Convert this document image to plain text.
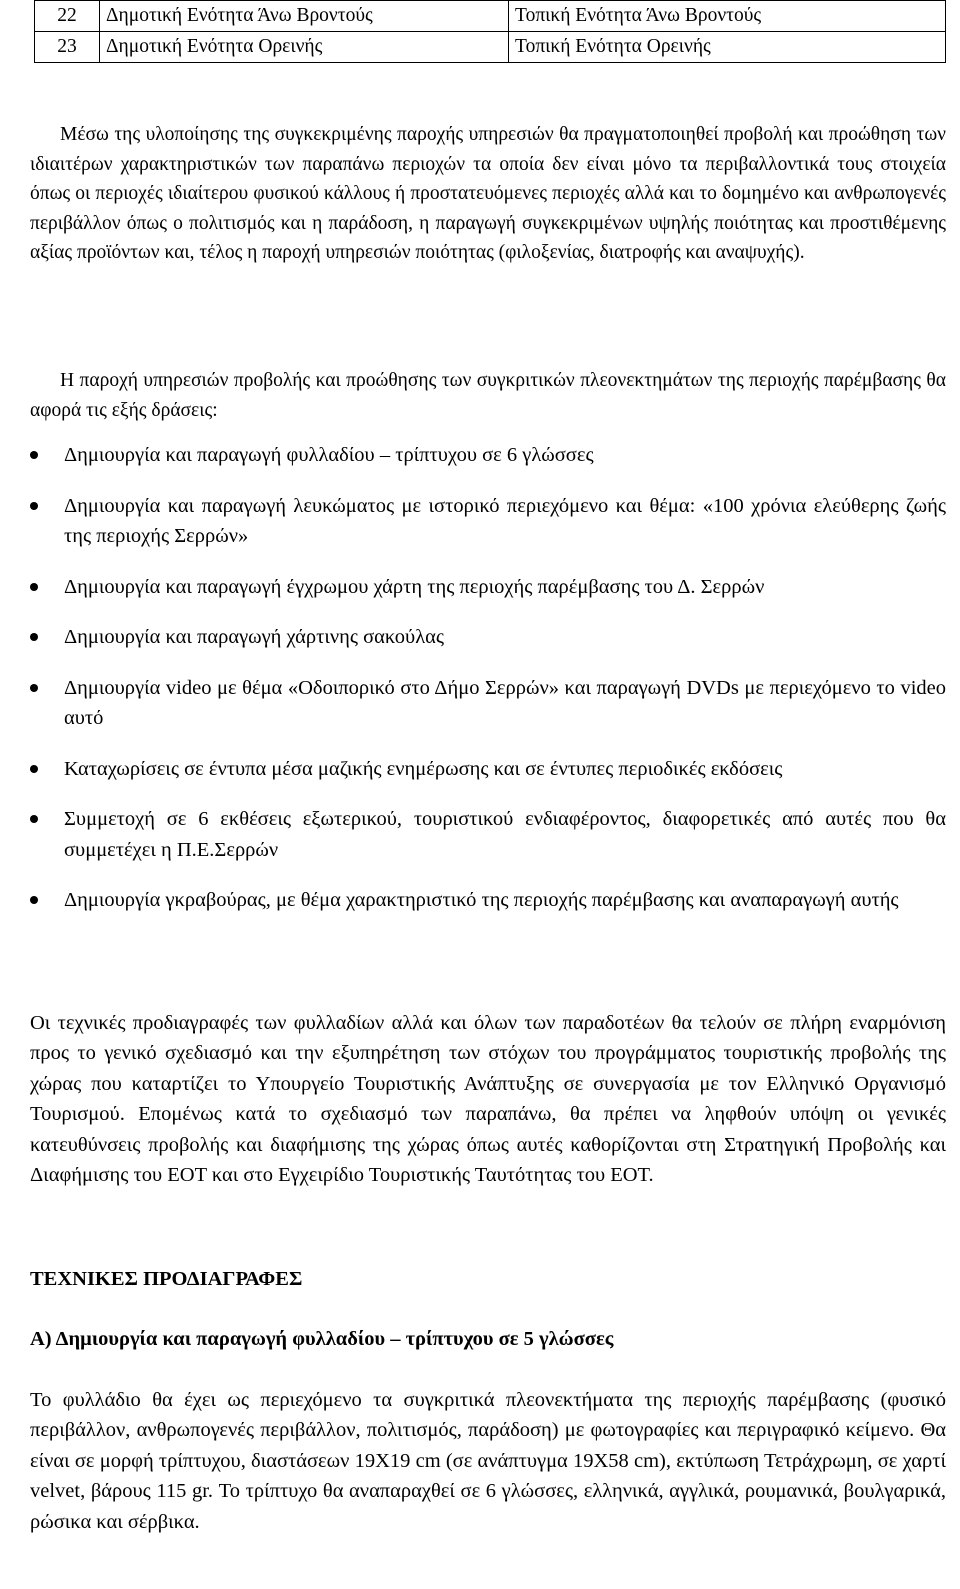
22	Δημοτική Ενότητα Άνω Βροντούς	Τοπική Ενότητα Άνω Βροντούς
23	Δημοτική Ενότητα Ορεινής	Τοπική Ενότητα Ορεινής

Μέσω της υλοποίησης της συγκεκριμένης παροχής υπηρεσιών θα πραγματοποιηθεί προβολή και προώθηση των ιδιαιτέρων χαρακτηριστικών των παραπάνω περιοχών τα οποία δεν είναι μόνο τα περιβαλλοντικά τους στοιχεία όπως οι περιοχές ιδιαίτερου φυσικού κάλλους ή προστατευόμενες περιοχές αλλά και το δομημένο και ανθρωπογενές περιβάλλον όπως ο πολιτισμός και η παράδοση, η παραγωγή συγκεκριμένων υψηλής ποιότητας και προστιθέμενης αξίας προϊόντων και, τέλος η παροχή υπηρεσιών ποιότητας (φιλοξενίας, διατροφής και αναψυχής).

Η παροχή υπηρεσιών προβολής και προώθησης των συγκριτικών πλεονεκτημάτων της περιοχής παρέμβασης θα αφορά τις εξής δράσεις:

Δημιουργία και παραγωγή φυλλαδίου – τρίπτυχου σε 6 γλώσσες
Δημιουργία και παραγωγή λευκώματος με ιστορικό περιεχόμενο και θέμα: «100 χρόνια ελεύθερης ζωής της περιοχής Σερρών»
Δημιουργία και παραγωγή έγχρωμου χάρτη της περιοχής παρέμβασης του Δ. Σερρών
Δημιουργία και παραγωγή χάρτινης σακούλας
Δημιουργία video με θέμα «Οδοιπορικό στο Δήμο Σερρών» και παραγωγή DVDs με περιεχόμενο το video αυτό
Καταχωρίσεις σε έντυπα μέσα μαζικής ενημέρωσης και σε έντυπες περιοδικές εκδόσεις
Συμμετοχή σε 6 εκθέσεις εξωτερικού, τουριστικού ενδιαφέροντος, διαφορετικές από αυτές που θα συμμετέχει η Π.Ε.Σερρών
Δημιουργία γκραβούρας, με θέμα χαρακτηριστικό της περιοχής παρέμβασης και αναπαραγωγή αυτής

Οι τεχνικές προδιαγραφές των φυλλαδίων αλλά και όλων των παραδοτέων θα τελούν σε πλήρη εναρμόνιση προς το γενικό σχεδιασμό και την εξυπηρέτηση των στόχων του προγράμματος τουριστικής προβολής της χώρας που καταρτίζει το Υπουργείο Τουριστικής Ανάπτυξης σε συνεργασία με τον Ελληνικό Οργανισμό Τουρισμού. Επομένως κατά το σχεδιασμό των παραπάνω, θα πρέπει να ληφθούν υπόψη οι γενικές κατευθύνσεις προβολής και διαφήμισης της χώρας όπως αυτές καθορίζονται στη Στρατηγική Προβολής και Διαφήμισης του ΕΟΤ και στο Εγχειρίδιο Τουριστικής Ταυτότητας του ΕΟΤ.

ΤΕΧΝΙΚΕΣ ΠΡΟΔΙΑΓΡΑΦΕΣ

Α) Δημιουργία και παραγωγή φυλλαδίου – τρίπτυχου σε 5 γλώσσες

Το φυλλάδιο θα έχει ως περιεχόμενο τα συγκριτικά πλεονεκτήματα της περιοχής παρέμβασης (φυσικό περιβάλλον, ανθρωπογενές περιβάλλον, πολιτισμός, παράδοση) με φωτογραφίες και περιγραφικό κείμενο. Θα είναι σε μορφή τρίπτυχου, διαστάσεων 19Χ19 cm (σε ανάπτυγμα 19Χ58 cm), εκτύπωση Τετράχρωμη, σε χαρτί velvet, βάρους 115 gr. Το τρίπτυχο θα αναπαραχθεί σε 6 γλώσσες, ελληνικά, αγγλικά, ρουμανικά, βουλγαρικά, ρώσικα και σέρβικα.
